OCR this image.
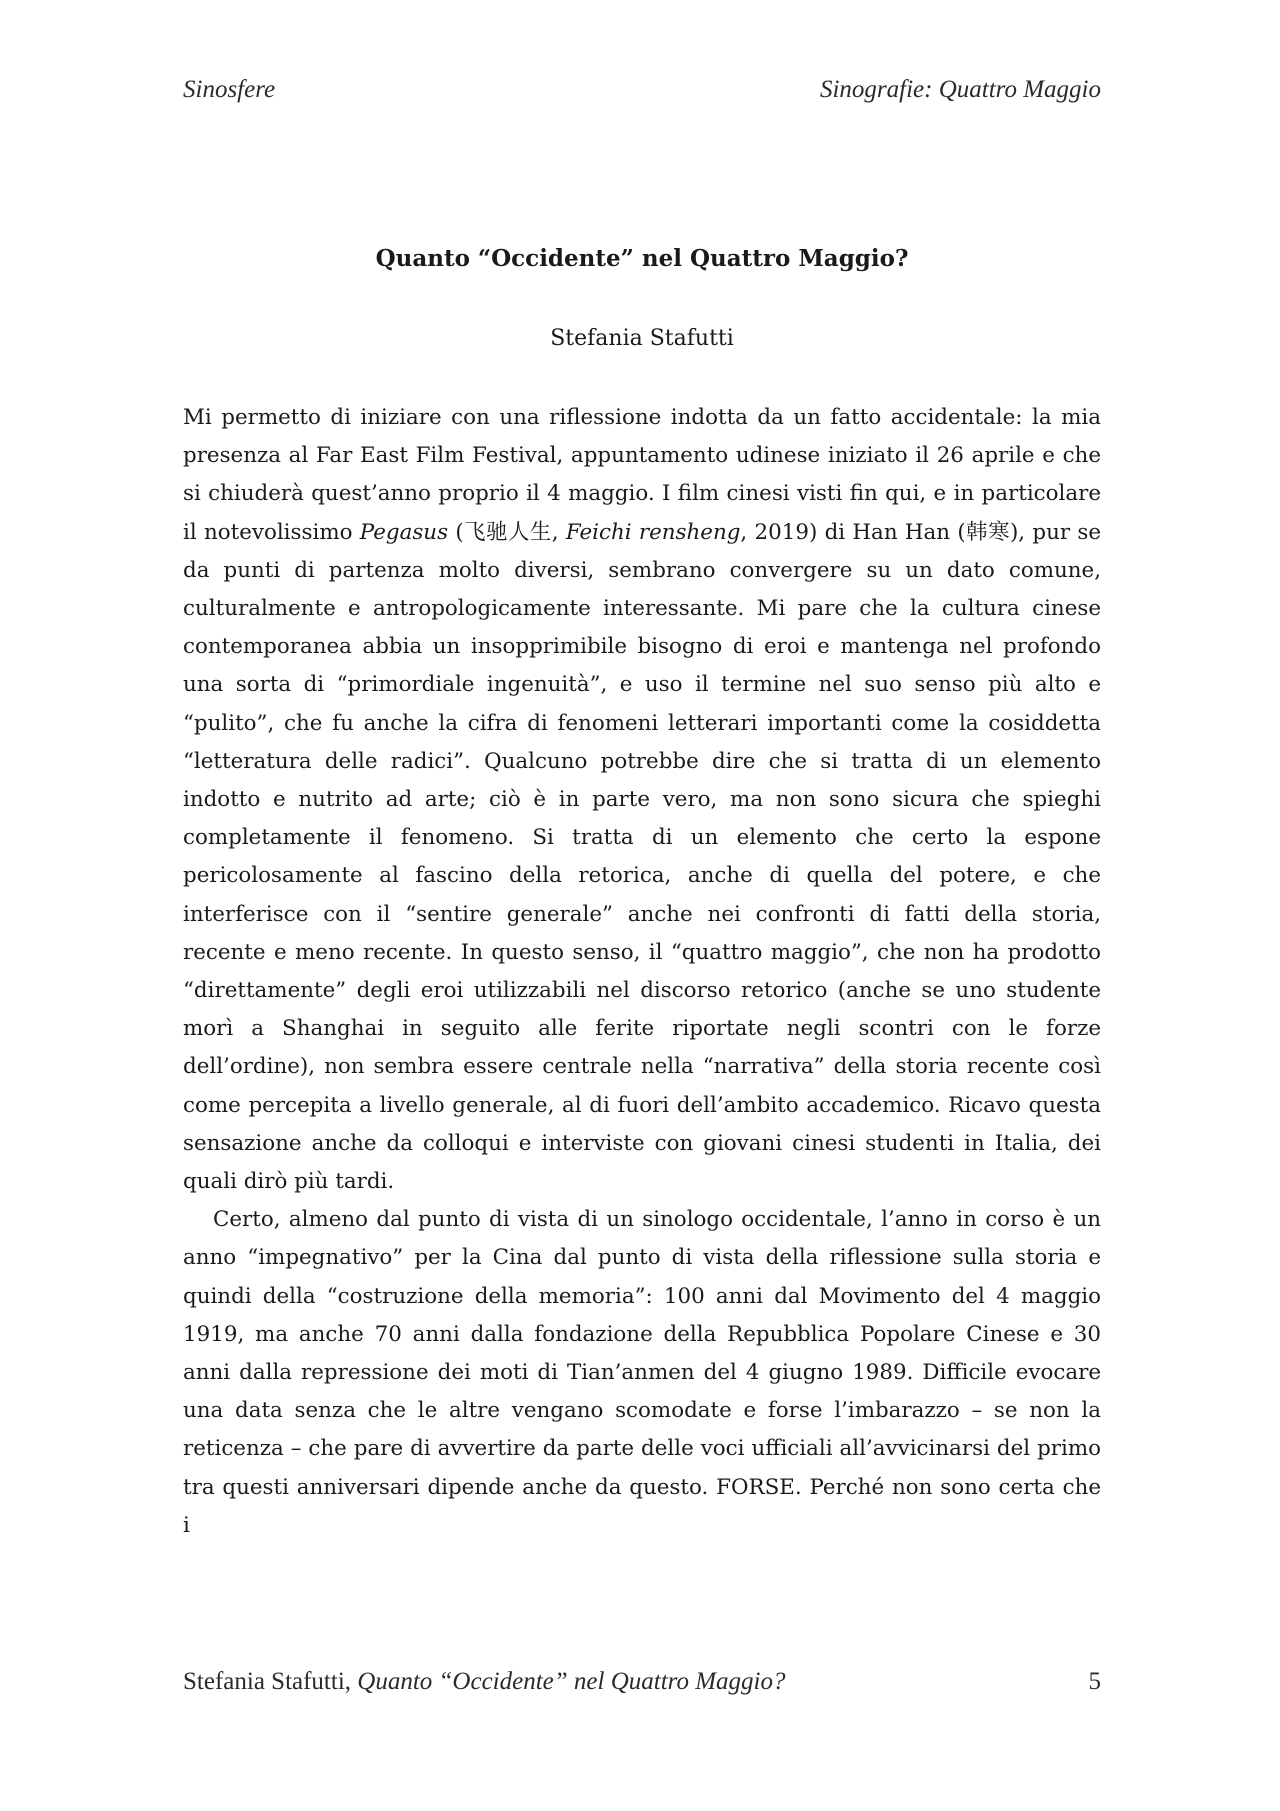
Sinosfere	Sinografie: Quattro Maggio
Quanto “Occidente” nel Quattro Maggio?
Stefania Stafutti

Mi permetto di iniziare con una riflessione indotta da un fatto accidentale: la mia presenza al Far East Film Festival, appuntamento udinese iniziato il 26 aprile e che si chiuderà quest’anno proprio il 4 maggio. I film cinesi visti fin qui, e in particolare il notevolissimo Pegasus (飞驰人生, Feichi rensheng, 2019) di Han Han (韩寒), pur se da punti di partenza molto diversi, sembrano convergere su un dato comune, culturalmente e antropologicamente interessante. Mi pare che la cultura cinese contemporanea abbia un insopprimibile bisogno di eroi e mantenga nel profondo una sorta di “primordiale ingenuità”, e uso il termine nel suo senso più alto e “pulito”, che fu anche la cifra di fenomeni letterari importanti come la cosiddetta “letteratura delle radici”. Qualcuno potrebbe dire che si tratta di un elemento indotto e nutrito ad arte; ciò è in parte vero, ma non sono sicura che spieghi completamente il fenomeno. Si tratta di un elemento che certo la espone pericolosamente al fascino della retorica, anche di quella del potere, e che interferisce con il “sentire generale” anche nei confronti di fatti della storia, recente e meno recente. In questo senso, il “quattro maggio”, che non ha prodotto “direttamente” degli eroi utilizzabili nel discorso retorico (anche se uno studente morì a Shanghai in seguito alle ferite riportate negli scontri con le forze dell’ordine), non sembra essere centrale nella “narrativa” della storia recente così come percepita a livello generale, al di fuori dell’ambito accademico. Ricavo questa sensazione anche da colloqui e interviste con giovani cinesi studenti in Italia, dei quali dirò più tardi.

Certo, almeno dal punto di vista di un sinologo occidentale, l’anno in corso è un anno “impegnativo” per la Cina dal punto di vista della riflessione sulla storia e quindi della “costruzione della memoria”: 100 anni dal Movimento del 4 maggio 1919, ma anche 70 anni dalla fondazione della Repubblica Popolare Cinese e 30 anni dalla repressione dei moti di Tian’anmen del 4 giugno 1989. Difficile evocare una data senza che le altre vengano scomodate e forse l’imbarazzo – se non la reticenza – che pare di avvertire da parte delle voci ufficiali all’avvicinarsi del primo tra questi anniversari dipende anche da questo. FORSE. Perché non sono certa che i

Stefania Stafutti, Quanto “Occidente” nel Quattro Maggio?	5
